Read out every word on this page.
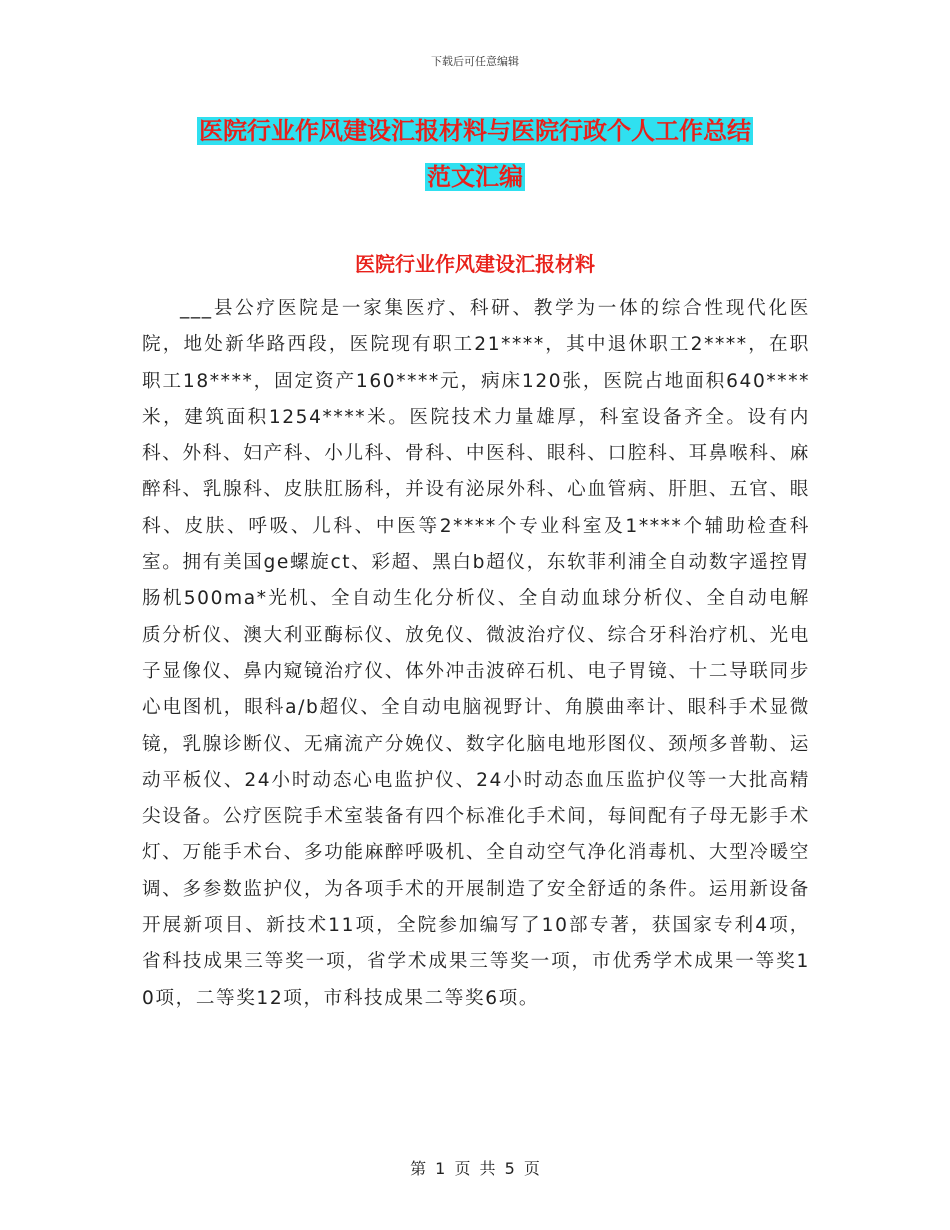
下载后可任意编辑
医院行业作风建设汇报材料与医院行政个人工作总结
范文汇编
医院行业作风建设汇报材料

___县公疗医院是一家集医疗、科研、教学为一体的综合性现代化医院，地处新华路西段，医院现有职工21****，其中退休职工2****，在职职工18****，固定资产160****元，病床120张，医院占地面积640****米，建筑面积1254****米。医院技术力量雄厚，科室设备齐全。设有内科、外科、妇产科、小儿科、骨科、中医科、眼科、口腔科、耳鼻喉科、麻醉科、乳腺科、皮肤肛肠科，并设有泌尿外科、心血管病、肝胆、五官、眼科、皮肤、呼吸、儿科、中医等2****个专业科室及1****个辅助检查科室。拥有美国ge螺旋ct、彩超、黑白b超仪，东软菲利浦全自动数字遥控胃肠机500ma*光机、全自动生化分析仪、全自动血球分析仪、全自动电解质分析仪、澳大利亚酶标仪、放免仪、微波治疗仪、综合牙科治疗机、光电子显像仪、鼻内窥镜治疗仪、体外冲击波碎石机、电子胃镜、十二导联同步心电图机，眼科a/b超仪、全自动电脑视野计、角膜曲率计、眼科手术显微镜，乳腺诊断仪、无痛流产分娩仪、数字化脑电地形图仪、颈颅多普勒、运动平板仪、24小时动态心电监护仪、24小时动态血压监护仪等一大批高精尖设备。公疗医院手术室装备有四个标准化手术间，每间配有子母无影手术灯、万能手术台、多功能麻醉呼吸机、全自动空气净化消毒机、大型冷暖空调、多参数监护仪，为各项手术的开展制造了安全舒适的条件。运用新设备开展新项目、新技术11项，全院参加编写了10部专著，获国家专利4项，省科技成果三等奖一项，省学术成果三等奖一项，市优秀学术成果一等奖10项，二等奖12项，市科技成果二等奖6项。

第 1 页 共 5 页
